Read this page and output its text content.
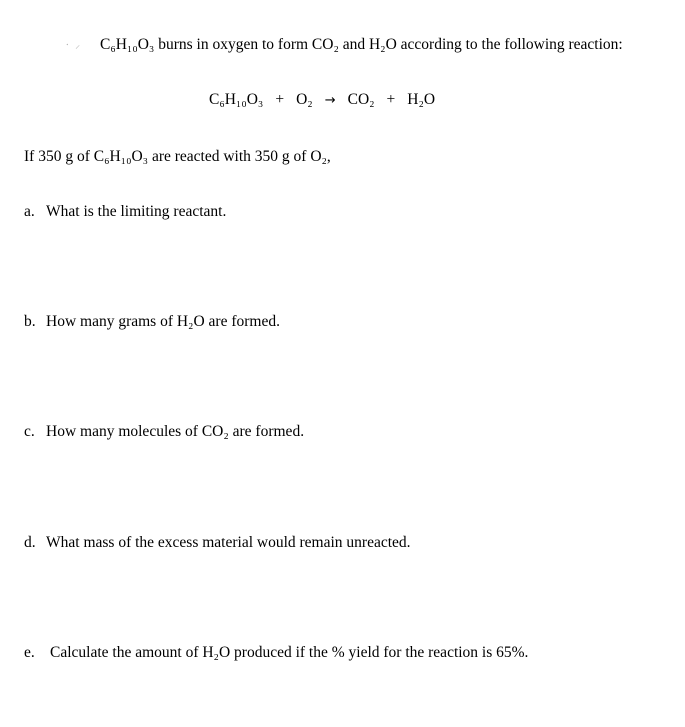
⸱ ⸝ C₆H₁₀O₃ burns in oxygen to form CO₂ and H₂O according to the following reaction:
C₆H₁₀O₃ + O₂ → CO₂ + H₂O
If 350 g of C₆H₁₀O₃ are reacted with 350 g of O₂,
a. What is the limiting reactant.
b. How many grams of H₂O are formed.
c. How many molecules of CO₂ are formed.
d. What mass of the excess material would remain unreacted.
e. Calculate the amount of H₂O produced if the % yield for the reaction is 65%.
